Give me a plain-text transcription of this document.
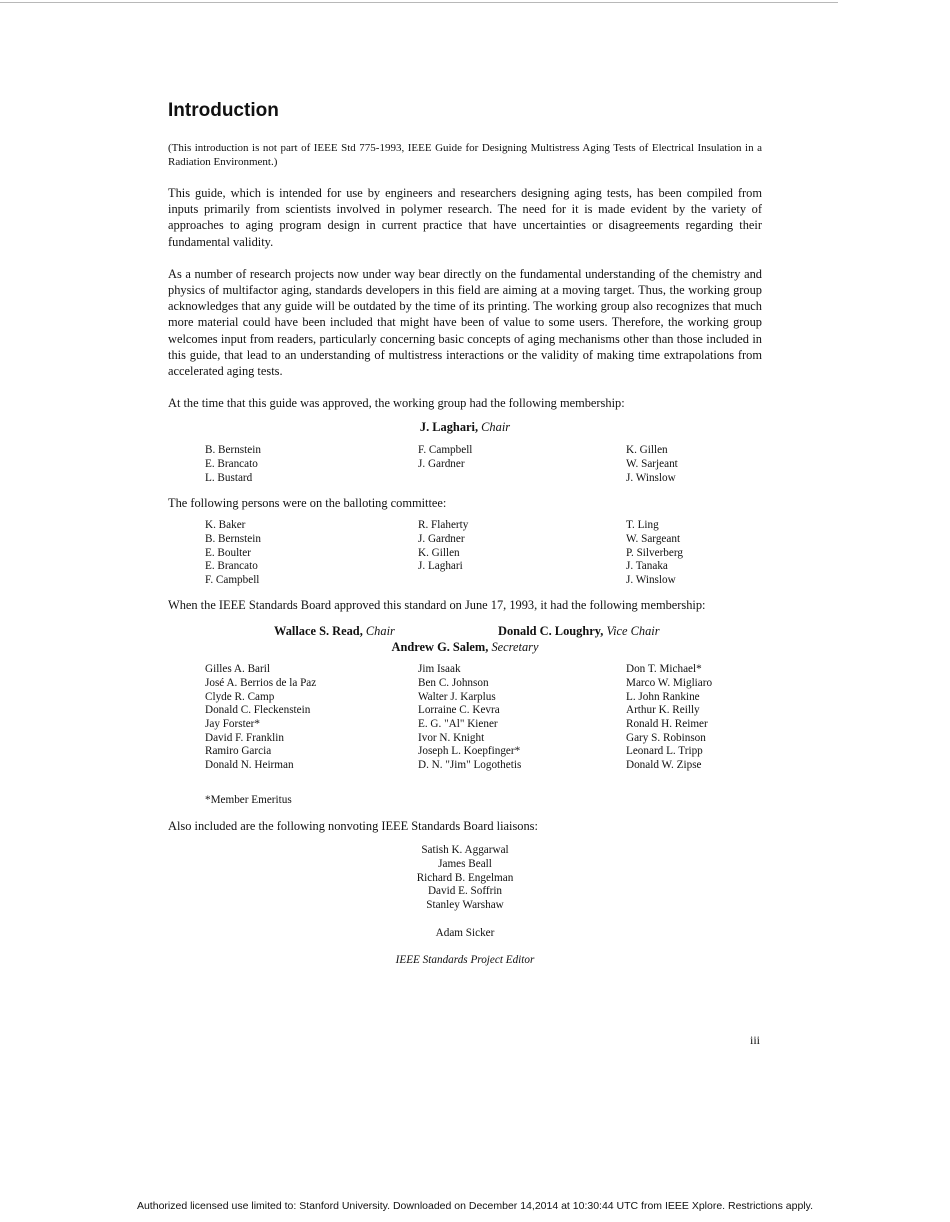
Introduction
(This introduction is not part of IEEE Std 775-1993, IEEE Guide for Designing Multistress Aging Tests of Electrical Insulation in a Radiation Environment.)

This guide, which is intended for use by engineers and researchers designing aging tests, has been compiled from inputs primarily from scientists involved in polymer research. The need for it is made evident by the variety of approaches to aging program design in current practice that have uncertainties or disagreements regarding their fundamental validity.

As a number of research projects now under way bear directly on the fundamental understanding of the chemistry and physics of multifactor aging, standards developers in this field are aiming at a moving target. Thus, the working group acknowledges that any guide will be outdated by the time of its printing. The working group also recognizes that much more material could have been included that might have been of value to some users. Therefore, the working group welcomes input from readers, particularly concerning basic concepts of aging mechanisms other than those included in this guide, that lead to an understanding of multistress interactions or the validity of making time extrapolations from accelerated aging tests.

At the time that this guide was approved, the working group had the following membership:

J. Laghari, Chair
B. Bernstein
E. Brancato
L. Bustard
F. Campbell
J. Gardner
K. Gillen
W. Sarjeant
J. Winslow

The following persons were on the balloting committee:

K. Baker
B. Bernstein
E. Boulter
E. Brancato
F. Campbell
R. Flaherty
J. Gardner
K. Gillen
J. Laghari
T. Ling
W. Sargeant
P. Silverberg
J. Tanaka
J. Winslow

When the IEEE Standards Board approved this standard on June 17, 1993, it had the following membership:

Wallace S. Read, Chair	Donald C. Loughry, Vice Chair
Andrew G. Salem, Secretary
Gilles A. Baril
José A. Berrios de la Paz
Clyde R. Camp
Donald C. Fleckenstein
Jay Forster*
David F. Franklin
Ramiro Garcia
Donald N. Heirman
Jim Isaak
Ben C. Johnson
Walter J. Karplus
Lorraine C. Kevra
E. G. "Al" Kiener
Ivor N. Knight
Joseph L. Koepfinger*
D. N. "Jim" Logothetis
Don T. Michael*
Marco W. Migliaro
L. John Rankine
Arthur K. Reilly
Ronald H. Reimer
Gary S. Robinson
Leonard L. Tripp
Donald W. Zipse
*Member Emeritus

Also included are the following nonvoting IEEE Standards Board liaisons:

Satish K. Aggarwal
James Beall
Richard B. Engelman
David E. Soffrin
Stanley Warshaw
Adam Sicker
IEEE Standards Project Editor
iii
Authorized licensed use limited to: Stanford University. Downloaded on December 14,2014 at 10:30:44 UTC from IEEE Xplore. Restrictions apply.
